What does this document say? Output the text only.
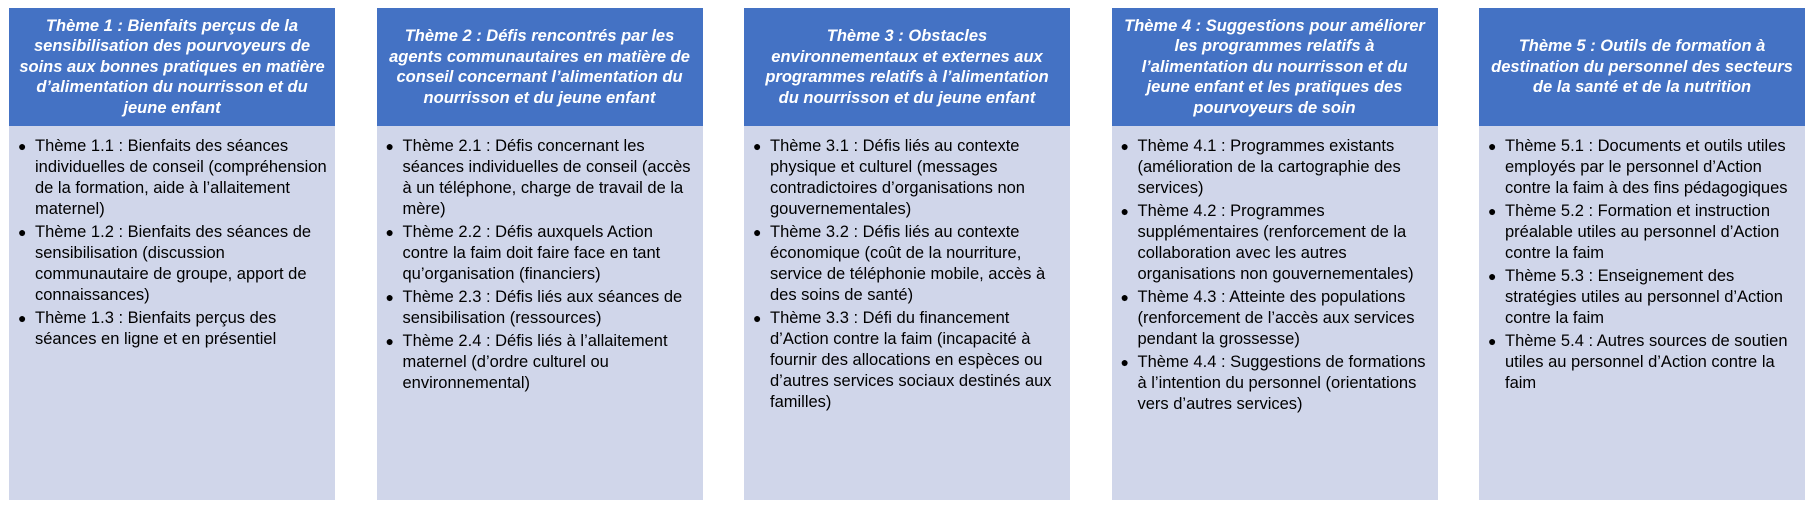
Thème 1 : Bienfaits perçus de la sensibilisation des pourvoyeurs de soins aux bonnes pratiques en matière d’alimentation du nourrisson et du jeune enfant
● Thème 1.1 : Bienfaits des séances individuelles de conseil (compréhension de la formation, aide à l’allaitement maternel)
● Thème 1.2 : Bienfaits des séances de sensibilisation (discussion communautaire de groupe, apport de connaissances)
● Thème 1.3 : Bienfaits perçus des séances en ligne et en présentiel
Thème 2 : Défis rencontrés par les agents communautaires en matière de conseil concernant l’alimentation du nourrisson et du jeune enfant
● Thème 2.1 : Défis concernant les séances individuelles de conseil (accès à un téléphone, charge de travail de la mère)
● Thème 2.2 : Défis auxquels Action contre la faim doit faire face en tant qu’organisation (financiers)
● Thème 2.3 : Défis liés aux séances de sensibilisation (ressources)
● Thème 2.4 : Défis liés à l’allaitement maternel (d’ordre culturel ou environnemental)
Thème 3 : Obstacles environnementaux et externes aux programmes relatifs à l’alimentation du nourrisson et du jeune enfant
● Thème 3.1 : Défis liés au contexte physique et culturel (messages contradictoires d’organisations non gouvernementales)
● Thème 3.2 : Défis liés au contexte économique (coût de la nourriture, service de téléphonie mobile, accès à des soins de santé)
● Thème 3.3 : Défi du financement d’Action contre la faim (incapacité à fournir des allocations en espèces ou d’autres services sociaux destinés aux familles)
Thème 4 : Suggestions pour améliorer les programmes relatifs à l’alimentation du nourrisson et du jeune enfant et les pratiques des pourvoyeurs de soin
● Thème 4.1 : Programmes existants (amélioration de la cartographie des services)
● Thème 4.2 : Programmes supplémentaires (renforcement de la collaboration avec les autres organisations non gouvernementales)
● Thème 4.3 : Atteinte des populations (renforcement de l’accès aux services pendant la grossesse)
● Thème 4.4 : Suggestions de formations à l’intention du personnel (orientations vers d’autres services)
Thème 5 : Outils de formation à destination du personnel des secteurs de la santé et de la nutrition
● Thème 5.1 : Documents et outils utiles employés par le personnel d’Action contre la faim à des fins pédagogiques
● Thème 5.2 : Formation et instruction préalable utiles au personnel d’Action contre la faim
● Thème 5.3 : Enseignement des stratégies utiles au personnel d’Action contre la faim
● Thème 5.4 : Autres sources de soutien utiles au personnel d’Action contre la faim
